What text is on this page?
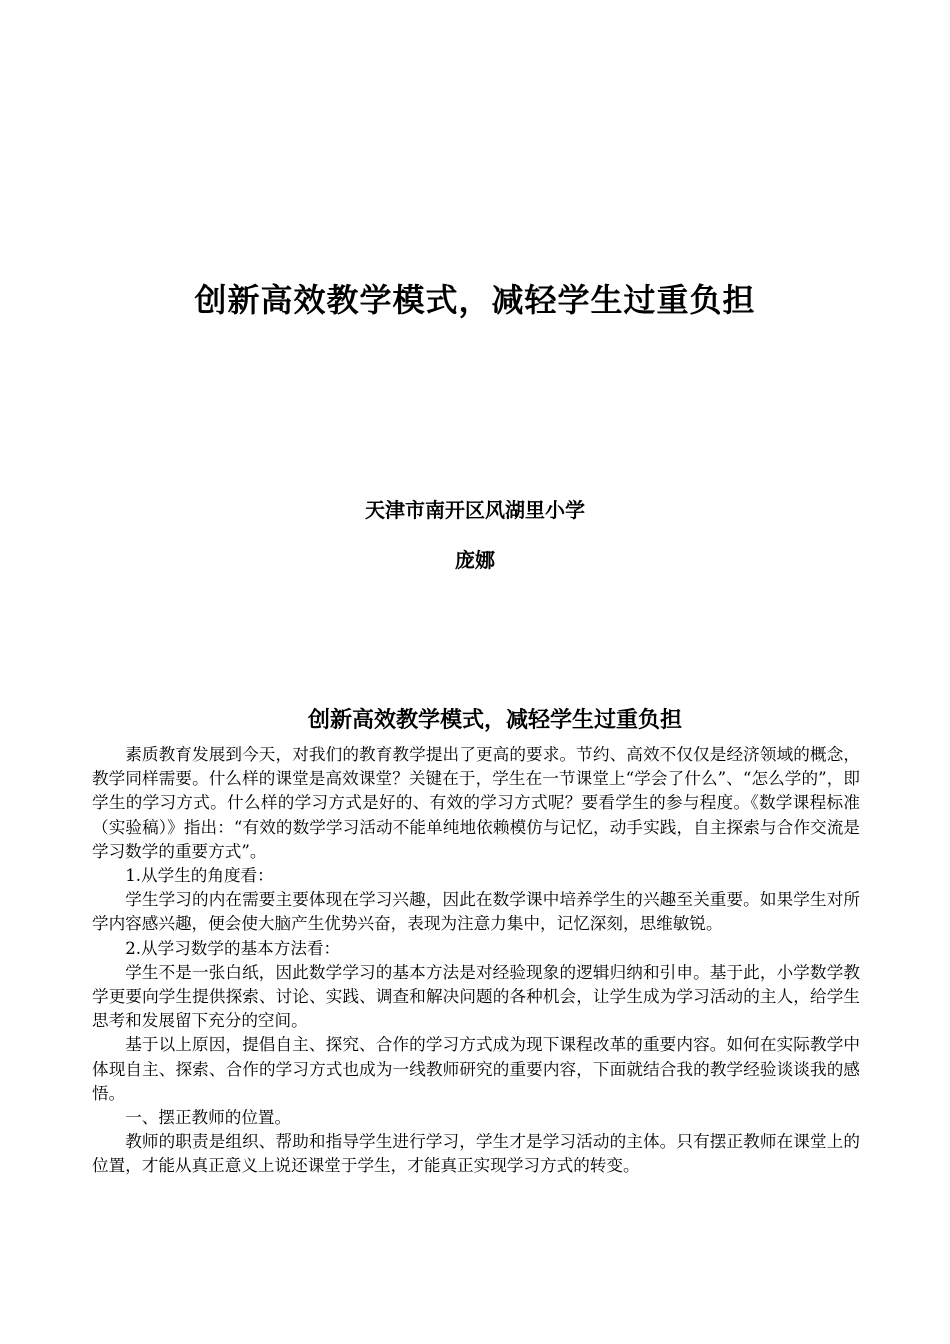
创新高效教学模式，减轻学生过重负担
天津市南开区风湖里小学
庞娜
创新高效教学模式，减轻学生过重负担

素质教育发展到今天，对我们的教育教学提出了更高的要求。节约、高效不仅仅是经济领域的概念，教学同样需要。什么样的课堂是高效课堂？关键在于，学生在一节课堂上“学会了什么”、“怎么学的”，即学生的学习方式。什么样的学习方式是好的、有效的学习方式呢？要看学生的参与程度。《数学课程标准（实验稿）》指出：“有效的数学学习活动不能单纯地依赖模仿与记忆，动手实践，自主探索与合作交流是学习数学的重要方式”。

1.从学生的角度看：

学生学习的内在需要主要体现在学习兴趣，因此在数学课中培养学生的兴趣至关重要。如果学生对所学内容感兴趣，便会使大脑产生优势兴奋，表现为注意力集中，记忆深刻，思维敏锐。

2.从学习数学的基本方法看：

学生不是一张白纸，因此数学学习的基本方法是对经验现象的逻辑归纳和引申。基于此，小学数学教学更要向学生提供探索、讨论、实践、调查和解决问题的各种机会，让学生成为学习活动的主人，给学生思考和发展留下充分的空间。

基于以上原因，提倡自主、探究、合作的学习方式成为现下课程改革的重要内容。如何在实际教学中体现自主、探索、合作的学习方式也成为一线教师研究的重要内容，下面就结合我的教学经验谈谈我的感悟。

一、摆正教师的位置。

教师的职责是组织、帮助和指导学生进行学习，学生才是学习活动的主体。只有摆正教师在课堂上的位置，才能从真正意义上说还课堂于学生，才能真正实现学习方式的转变。
